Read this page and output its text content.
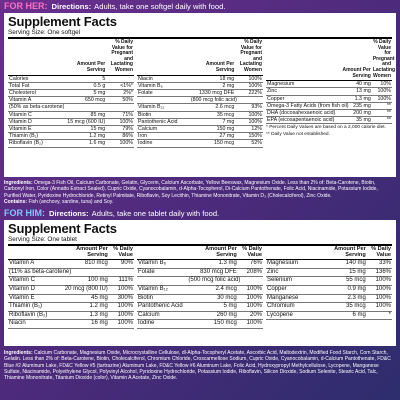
FOR HER: Directions: Adults, take one softgel daily with food.
Supplement Facts
Serving Size: One softgel
	Amount Per Serving	% Daily Value for Pregnant and Lactating Women
Calories	5	
Total Fat	0.5 g	<1%*
Cholesterol	5 mg	2%*
Vitamin A	650 mcg	50%
(50% as beta-carotene)		
Vitamin C	85 mg	71%
Vitamin D	15 mcg (600 IU)	100%
Vitamin E	15 mg	79%
Thiamin (B₁)	1.2 mg	86%
Riboflavin (B₂)	1.6 mg	100%
	Amount Per Serving	% Daily Value for Pregnant and Lactating Women
Niacin	18 mg	100%
Vitamin B₆	2 mg	100%
Folate	1330 mcg DFE	222%
	(800 mcg folic acid)	
Vitamin B₁₂	2.6 mcg	93%
Biotin	35 mcg	100%
Pantothenic Acid	7 mg	100%
Calcium	150 mg	12%
Iron	27 mg	150%
Iodine	150 mcg	52%
	Amount Per Serving	% Daily Value for Pregnant and Lactating Women
Magnesium	40 mg	10%
Zinc	13 mg	100%
Copper	1.3 mg	100%
Omega-3 Fatty Acids (from fish oil)	235 mg	**
DHA (docosahexaenoic acid)	200 mg	**
EPA (eicosapentaenoic acid)	35 mg	**
* Percent Daily Values are based on a 2,000 calorie diet.
** Daily Value not established.
Ingredients: Omega-3 Fish Oil, Calcium Carbonate, Gelatin, Glycerin, Calcium Ascorbate, Yellow Beeswax, Magnesium Oxide. Less than 2% of: Beta-Carotene, Biotin, Carbonyl Iron, Color (Annatto Extract Sealed), Cupric Oxide, Cyanocobalamin, d-Alpha-Tocopherol, Di-Calcium Pantothenate, Folic Acid, Niacinamide, Potassium Iodide, Purified Water, Pyridoxine Hydrochloride, Retinyl Palmitate, Riboflavin, Soy Lecithin, Thiamine Mononitrate, Vitamin D₃ (Cholecalciferol), Zinc Oxide.
Contains: Fish (anchovy, sardine, tuna) and Soy.
FOR HIM: Directions: Adults, take one tablet daily with food.
Supplement Facts
Serving Size: One tablet
	Amount Per Serving	% Daily Value
Vitamin A	810 mcg	90%
(11% as beta-carotene)		
Vitamin C	100 mg	111%
Vitamin D	20 mcg (800 IU)	100%
Vitamin E	45 mg	300%
Thiamin (B₁)	1.2 mg	100%
Riboflavin (B₂)	1.3 mg	100%
Niacin	16 mg	100%
	Amount Per Serving	% Daily Value
Vitamin B₆	1.3 mg	76%
Folate	830 mcg DFE	208%
	(500 mcg folic acid)	
Vitamin B₁₂	2.4 mcg	100%
Biotin	30 mcg	100%
Pantothenic Acid	5 mg	100%
Calcium	260 mg	20%
Iodine	150 mcg	100%
	Amount Per Serving	% Daily Value
Magnesium	140 mg	33%
Zinc	15 mg	136%
Selenium	55 mcg	100%
Copper	0.9 mg	100%
Manganese	2.3 mg	100%
Chromium	35 mcg	100%
Lycopene	6 mg	*
Ingredients: Calcium Carbonate, Magnesium Oxide, Microcrystalline Cellulose, dl-Alpha-Tocopheryl Acetate, Ascorbic Acid, Maltodextrin, Modified Food Starch, Corn Starch, Gelatin. Less than 2% of: Beta-Carotene, Biotin, Cholecalciferol, Chromium Chloride, Croscarmellose Sodium, Cupric Oxide, Cyanocobalamin, d-Calcium Pantothenate, FD&C Blue #2 Aluminum Lake, FD&C Yellow #5 (tartrazine) Aluminum Lake, FD&C Yellow #6 Aluminum Lake, Folic Acid, Hydroxypropyl Methylcellulose, Lycopene, Manganese Sulfate, Niacinamide, Polyethylene Glycol, Polyvinyl Alcohol, Pyridoxine Hydrochloride, Potassium Iodide, Riboflavin, Silicon Dioxide, Sodium Selenite, Stearic Acid, Talc, Thiamine Mononitrate, Titanium Dioxide (color), Vitamin A Acetate, Zinc Oxide.
